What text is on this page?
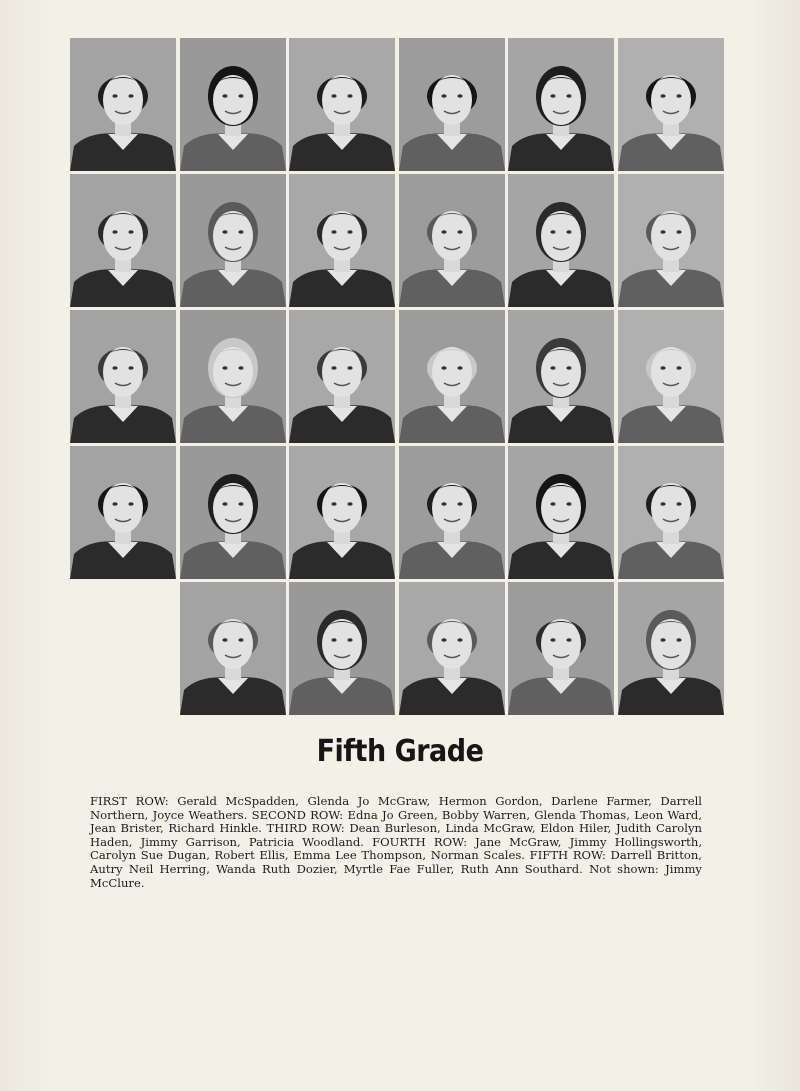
Fifth Grade
FIRST ROW: Gerald McSpadden, Glenda Jo McGraw, Hermon Gordon, Darlene Farmer, Darrell Northern, Joyce Weathers. SECOND ROW: Edna Jo Green, Bobby Warren, Glenda Thomas, Leon Ward, Jean Brister, Richard Hinkle. THIRD ROW: Dean Burleson, Linda McGraw, Eldon Hiler, Judith Carolyn Haden, Jimmy Garrison, Patricia Woodland. FOURTH ROW: Jane McGraw, Jimmy Hollingsworth, Carolyn Sue Dugan, Robert Ellis, Emma Lee Thompson, Norman Scales. FIFTH ROW: Darrell Britton, Autry Neil Herring, Wanda Ruth Dozier, Myrtle Fae Fuller, Ruth Ann Southard. Not shown: Jimmy McClure.
